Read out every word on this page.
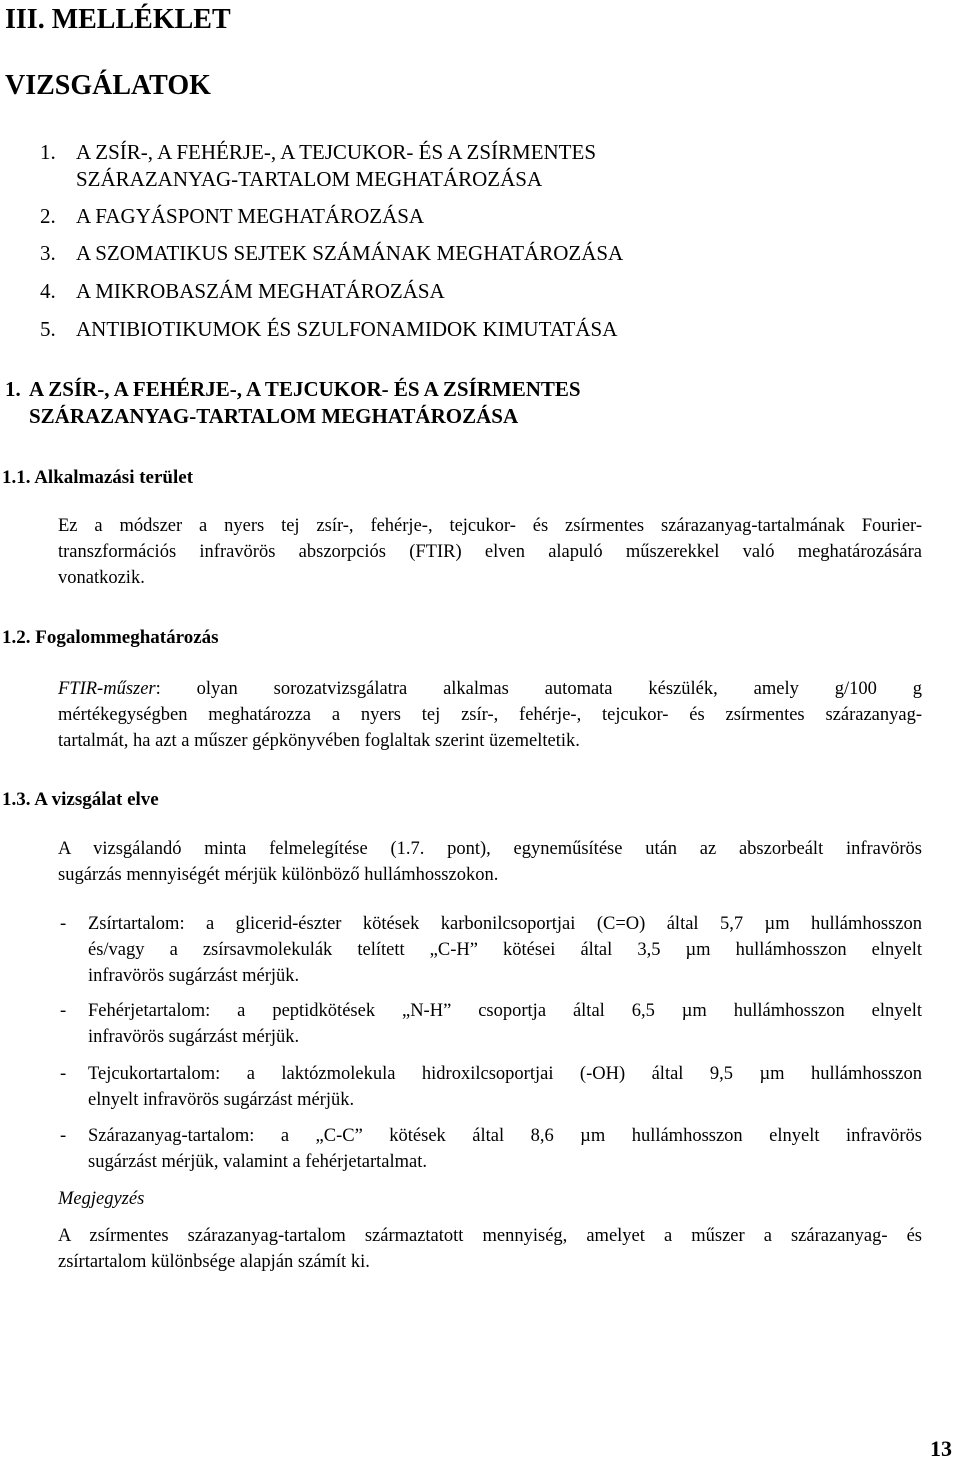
III. MELLÉKLET
VIZSGÁLATOK
1. A ZSÍR-, A FEHÉRJE-, A TEJCUKOR- ÉS A ZSÍRMENTES
SZÁRAZANYAG-TARTALOM MEGHATÁROZÁSA
2. A FAGYÁSPONT MEGHATÁROZÁSA
3. A SZOMATIKUS SEJTEK SZÁMÁNAK MEGHATÁROZÁSA
4. A MIKROBASZÁM MEGHATÁROZÁSA
5. ANTIBIOTIKUMOK ÉS SZULFONAMIDOK KIMUTATÁSA
1. A ZSÍR-, A FEHÉRJE-, A TEJCUKOR- ÉS A ZSÍRMENTES
SZÁRAZANYAG-TARTALOM MEGHATÁROZÁSA
1.1. Alkalmazási terület
Ez a módszer a nyers tej zsír-, fehérje-, tejcukor- és zsírmentes szárazanyag-tartalmának Fourier-
transzformációs infravörös abszorpciós (FTIR) elven alapuló műszerekkel való meghatározására
vonatkozik.
1.2. Fogalommeghatározás
FTIR-műszer: olyan sorozatvizsgálatra alkalmas automata készülék, amely g/100 g
mértékegységben meghatározza a nyers tej zsír-, fehérje-, tejcukor- és zsírmentes szárazanyag-
tartalmát, ha azt a műszer gépkönyvében foglaltak szerint üzemeltetik.
1.3. A vizsgálat elve
A vizsgálandó minta felmelegítése (1.7. pont), egyneműsítése után az abszorbeált infravörös
sugárzás mennyiségét mérjük különböző hullámhosszokon.
- Zsírtartalom: a glicerid-észter kötések karbonilcsoportjai (C=O) által 5,7 µm hullámhosszon
és/vagy a zsírsavmolekulák telített „C-H” kötései által 3,5 µm hullámhosszon elnyelt
infravörös sugárzást mérjük.
- Fehérjetartalom: a peptidkötések „N-H” csoportja által 6,5 µm hullámhosszon elnyelt
infravörös sugárzást mérjük.
- Tejcukortartalom: a laktózmolekula hidroxilcsoportjai (-OH) által 9,5 µm hullámhosszon
elnyelt infravörös sugárzást mérjük.
- Szárazanyag-tartalom: a „C-C” kötések által 8,6 µm hullámhosszon elnyelt infravörös
sugárzást mérjük, valamint a fehérjetartalmat.
Megjegyzés
A zsírmentes szárazanyag-tartalom származtatott mennyiség, amelyet a műszer a szárazanyag- és
zsírtartalom különbsége alapján számít ki.
13
